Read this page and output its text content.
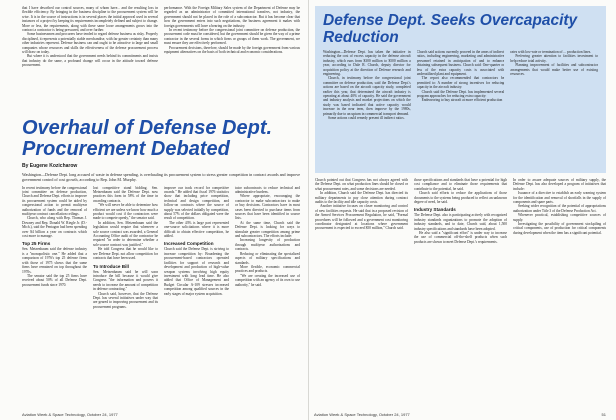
that I have described our control sources, many of whom have... and the resulting loss in flexible efficiency. By bringing in the business discipline to the procurement system will be wise. It is in the source of instructions is in several places the initial approval used in several instances of a project by keeping its requirements incompletely defined and subject to change. More or less, the requirements, along with these same loose arrangements grows into the contract a contractor is being pressured, and over further.

Some businessmen and procurers have tended to regard defense business as risky. Properly disciplined, it represents a potentially stable merchandise, with far greater certainty than many other industries represent. Defense business can and ought to be attractive to large and small companies whose resources and skills the effectiveness of the defense procurement process will draw on today.

But where it is understood that the government needs behind its commitments and insists that industry do the same, a profound change will occur in the attitude toward defense procurement.

performance. With the Foreign Military Sales system of the Department of Defense may be regarded as an administrator of committed international transfers, not industry, the government should not be placed in the role of a subcontractor. But it has become clear that how the government enters into such negotiations, the business agreement it makes with foreign governments will have a bearing on the industry.

In recent testimony before the congressional joint committee on defense production, the procurement code must be considered, but the government should be given the way of a prime contractor in the several forms in which firms or groups of them work. The government, we must ensure they are effectively performed.

Procurement decisions, therefore, should be made by the foreign government from various equipment alternatives on the basis of both technical and economic considerations.

Overhaul of Defense Dept. Procurement Debated
By Eugene Kozicharow

Washington—Defense Dept. long accused of waste in defense spending, is overhauling its procurement system to stress greater competition in contract awards and improve government control of cost growth, according to Rep. John M. Murphy.

In recent testimony before the congressional joint committee on defense production, Church and Defense Dept. efforts to improve its procurement system could be aided by congressional action to permit multiyear authorization of funds and the removal of multiyear contract cancellation ceilings.

Church, who along with Rep. Thomas J. Downey and Rep. Donald W. Riegle Jr. (D.-Mich.), said the Pentagon had been spending over $4 billion a year on contracts which cost more to manage.

Top 25 Firms

Sen. Metzenbaum said the defense industry is a "monopolistic one." He added that a comparison of 1976's top 25 defense firms with those of 1975 shows that the same firms have remained on top throughout the 1970s.

The senator said the top 25 firms have received about 50% of all Defense Dept. procurement funds since 1970.

lost competitive stand bidding. Sen. Metzenbaum said the Defense Dept. now practices this form in 58% of the time in awarding contracts.

"We will never be able to determine how efficient we are unless we know how much a product would cost if the contractors were made to compete openly," the senator said.

In addition, Sen. Metzenbaum said the legislation would require that whenever a sole source contract was awarded, a General Accounting Office audit of the contractor be required "in order to determine whether a sole source contract was justified."

He told Congress that he would like to see Defense Dept. not allow competition for contracts that have been used.

To Introduce Bill

Sen. Metzenbaum said he will soon introduce the bill because it would give Congress "the information and powers it needs to increase the amount of competition in defense contracting."

Church said, however, that the Defense Dept. has several initiatives under way that are geared to improving procurement and its procurement programs.

improve our track record for competitive awards." He added that fiscal 1976 statistics show that including price competition, technical and design competition, and follow-on contracts where the source of supply was selected initially by competition, about 57% of the dollars obligated were the result of competition.

The other 43% is large part represented one-source solicitations where it is more difficult to obtain effective competition, he added.

Increased Competition

Church said the Defense Dept. is striving to increase competition by: Broadening the procurement-based contractors operated facilities for support of research and development and production of high-value weapon systems involving high equity investment with long lead time. He also added that Office of Management and Budget Circular A-109 stresses increased competition among qualified sources in the early stages of major system acquisition.

tutor subcontracts to reduce technical and administrative burdens.

Where appropriate, encouraging the contractor to make subcontractors to make or buy decisions. Contractors have in most cases been directed to purchase items from sources that have been identified in source lists.

At the same time, Church said the Defense Dept. is looking for ways to stimulate greater competition among prime and subcontractors. The efforts include:

Increasing longevity of production through multiyear authorizations and contracts.

Reducing or eliminating the specialized aspects of military specifications and standards.

More flexible, economic commercial practices and products.

"We are creating the increased use of competition with an agency of its own to use authority," he said.

Aviation Week & Space Technology, October 24, 1977
Defense Dept. Seeks Overcapacity Reduction

Washington—Defense Dept. has taken the initiative in reducing the cost of excess capacity in the defense aircraft industry, which runs from $300 million to $500 million a year, according to Dale R. Church, deputy director for acquisition policy at the direction of Defense research and engineering.

Church, in testimony before the congressional joint committee on defense production, said the Defense Dept.'s actions are based on the aircraft capacity study, completed earlier this year, that determined the aircraft industry is operating at about 40% of capacity. He said the government and industry analysis and market projections on which the study was based indicated that active capacity would increase in the near term, then improve by the 1980s, primarily due to an upturn in commercial transport demand.

Some actions could remedy present ill indirect ratios.

Church said actions currently proceed in the areas of indirect ratios, including engineering, marketing and administrative personnel retained in anticipation of and to enhance obtaining subsequent business. Church said: One-quarter or less of the extra capacity costs is associated with underutilized plant and equipment.

The report also recommended that contractors be permitted to: A number of strong incentives for reducing capacity in the aircraft industry.

Church said the Defense Dept. has implemented several program approaches for reducing extra capacity:

Endeavoring to buy aircraft at more efficient production

rates with low-rate or termination of ... production lines.

Preferring greater attention to facilities investment to help reduce total activity.

Planning improvement of facilities and subcontractor arrangements that would make better use of existing resources.

Church pointed out that Congress has not always agreed with the Defense Dept. on what production lines should be closed or what procurement rates, and some decisions are needed.

In addition, Church said the Defense Dept. has directed its military departments to pay close attention during contract audits to the facility and idle capacity costs.

Another initiative focuses on closer monitoring and control of new facilities requests. He said that in a proposed revision of the Armed Services Procurement Regulation, he said, "Formal procedures will be followed and a government cost monitoring coordinator designated at locations where government procurement is expected to exceed $50 million," Church said.

those specifications and standards that have a potential for high cost compliance and to eliminate those requirements that contribute to the potential, he said.

Church said efforts to reduce the applications of those documents to the systems being produced to reflect an unknown degree of need, he said.

Industry Standards

The Defense Dept. also is participating actively with recognized industry standards organizations to promote the adoption of industry standards, and to date, Church said, about 1,500 industry specifications and standards have been adopted.

He also said a "significant effort" is under way to increase the use of commercial off-the-shelf products when such products are shown to meet Defense Dept.'s requirements.

In order to assure adequate sources of military supply, the Defense Dept. has also developed a program of initiatives that include:

Issuance of a directive to establish an early warning system for the identification and removal of shortfalls in the supply of components and spare parts.

Seeking wider recognition of the potential of appropriations authorization under Title 3 of the Defense Production Act.

Whenever practical, establishing competitive sources of supply.

Investigating the possibility of government stockpiling of critical components, use of production for critical components during development when the item has a significant potential.

Aviation Week & Space Technology, October 24, 1977	51
